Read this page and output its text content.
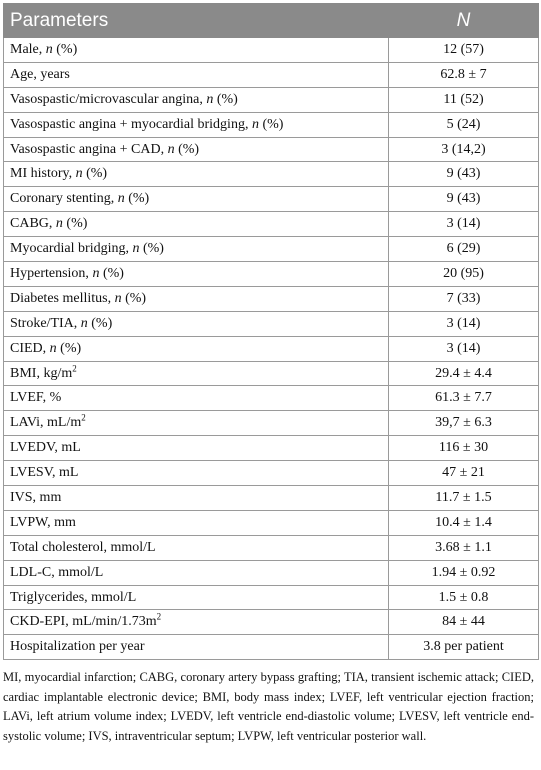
Parameters	N
Male, n (%)	12 (57)
Age, years	62.8 ± 7
Vasospastic/microvascular angina, n (%)	11 (52)
Vasospastic angina + myocardial bridging, n (%)	5 (24)
Vasospastic angina + CAD, n (%)	3 (14,2)
MI history, n (%)	9 (43)
Coronary stenting, n (%)	9 (43)
CABG, n (%)	3 (14)
Myocardial bridging, n (%)	6 (29)
Hypertension, n (%)	20 (95)
Diabetes mellitus, n (%)	7 (33)
Stroke/TIA, n (%)	3 (14)
CIED, n (%)	3 (14)
BMI, $kg/m^2$	29.4 ± 4.4
LVEF, %	61.3 ± 7.7
LAVi, $mL/m^2$	39,7 ± 6.3
LVEDV, mL	116 ± 30
LVESV, mL	47 ± 21
IVS, mm	11.7 ± 1.5
LVPW, mm	10.4 ± 1.4
Total cholesterol, mmol/L	3.68 ± 1.1
LDL-C, mmol/L	1.94 ± 0.92
Triglycerides, mmol/L	1.5 ± 0.8
CKD-EPI, $mL/\min/1.73m^2$	84 ± 44
Hospitalization per year	3.8 per patient
MI, myocardial infarction; CABG, coronary artery bypass grafting; TIA, transient ischemic attack; CIED, cardiac implantable electronic device; BMI, body mass index; LVEF, left ventricular ejection fraction; LAVi, left atrium volume index; LVEDV, left ventricle end-diastolic volume; LVESV, left ventricle end-systolic volume; IVS, intraventricular septum; LVPW, left ventricular posterior wall.
